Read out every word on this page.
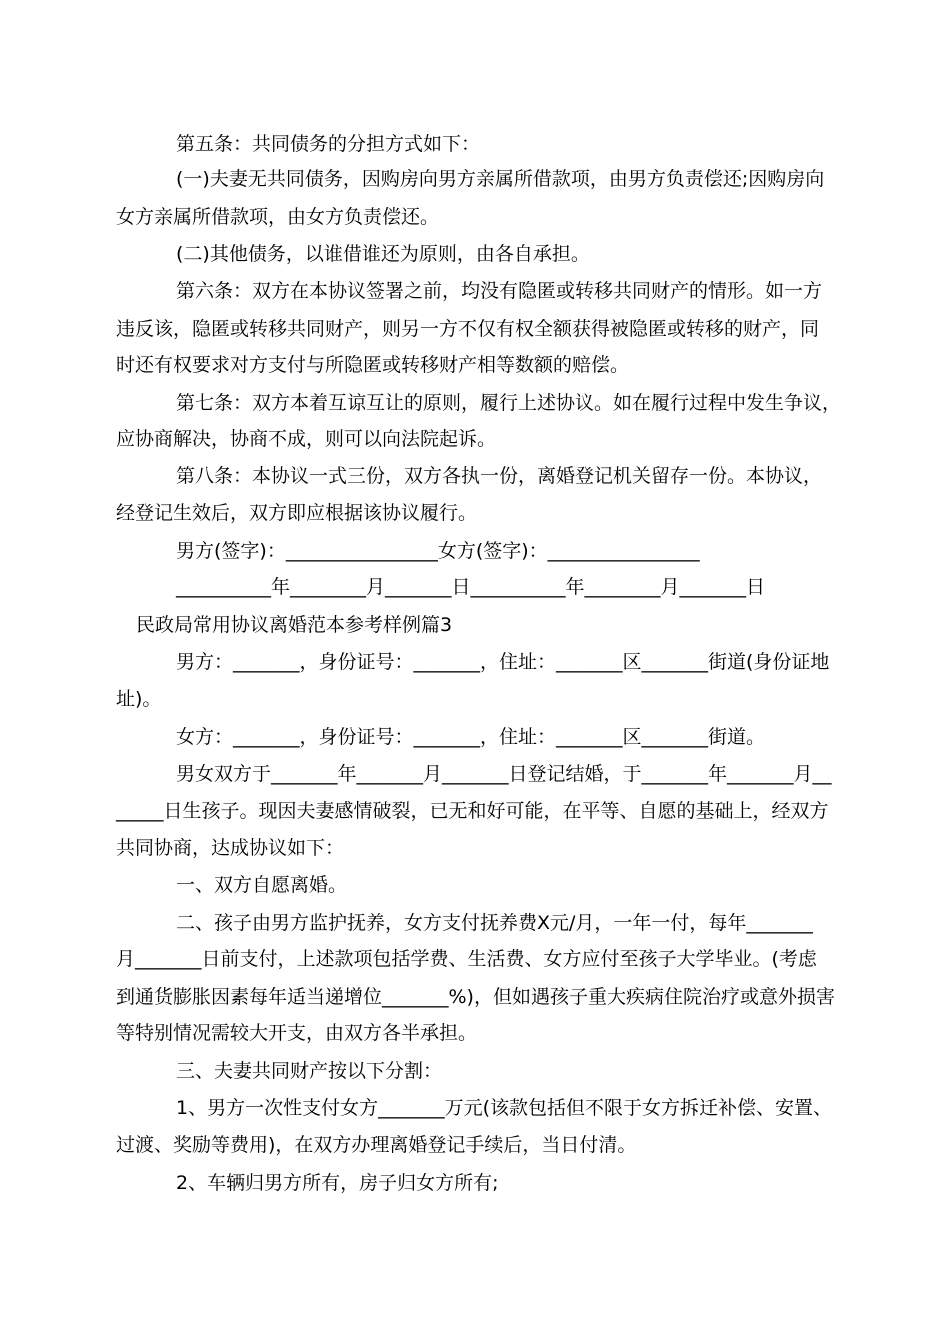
第五条：共同债务的分担方式如下：

(一)夫妻无共同债务，因购房向男方亲属所借款项，由男方负责偿还;因购房向

女方亲属所借款项，由女方负责偿还。

(二)其他债务，以谁借谁还为原则，由各自承担。

第六条：双方在本协议签署之前，均没有隐匿或转移共同财产的情形。如一方

违反该，隐匿或转移共同财产，则另一方不仅有权全额获得被隐匿或转移的财产，同

时还有权要求对方支付与所隐匿或转移财产相等数额的赔偿。

第七条：双方本着互谅互让的原则，履行上述协议。如在履行过程中发生争议，

应协商解决，协商不成，则可以向法院起诉。

第八条：本协议一式三份，双方各执一份，离婚登记机关留存一份。本协议，

经登记生效后，双方即应根据该协议履行。

男方(签字)：________________女方(签字)：________________

__________年________月_______日__________年________月_______日

民政局常用协议离婚范本参考样例篇3

男方：_______，身份证号：_______，住址：_______区_______街道(身份证地

址)。

女方：_______，身份证号：_______，住址：_______区_______街道。

男女双方于_______年_______月_______日登记结婚，于_______年_______月__

_____日生孩子。现因夫妻感情破裂，已无和好可能，在平等、自愿的基础上，经双方

共同协商，达成协议如下：

一、双方自愿离婚。

二、孩子由男方监护抚养，女方支付抚养费X元/月，一年一付，每年_______

月_______日前支付，上述款项包括学费、生活费、女方应付至孩子大学毕业。(考虑

到通货膨胀因素每年适当递增位_______%)，但如遇孩子重大疾病住院治疗或意外损害

等特别情况需较大开支，由双方各半承担。

三、夫妻共同财产按以下分割：

1、男方一次性支付女方_______万元(该款包括但不限于女方拆迁补偿、安置、

过渡、奖励等费用)，在双方办理离婚登记手续后，当日付清。

2、车辆归男方所有，房子归女方所有;
